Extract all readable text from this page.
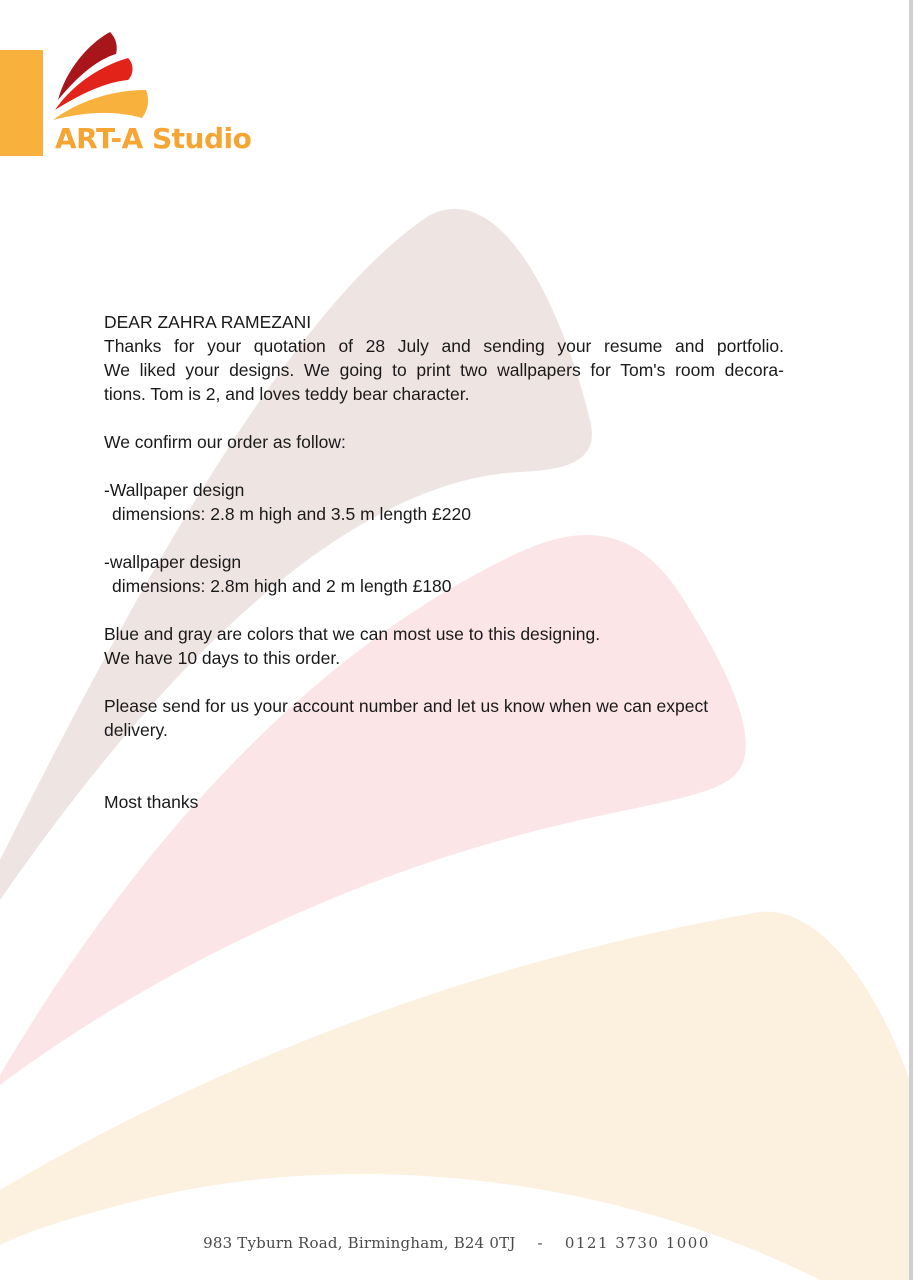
ART-A Studio

DEAR ZAHRA RAMEZANI

Thanks for your quotation of 28 July and sending your resume and portfolio.

We liked your designs. We going to print two wallpapers for Tom's room decora-

tions. Tom is 2, and loves teddy bear character.

We confirm our order as follow:

-Wallpaper design

dimensions: 2.8 m high and 3.5 m length £220

-wallpaper design

dimensions: 2.8m high and 2 m length £180

Blue and gray are colors that we can most use to this designing.

We have 10 days to this order.

Please send for us your account number and let us know when we can expect

delivery.

Most thanks

983 Tyburn Road, Birmingham, B24 0TJ - 0121 3730 1000
